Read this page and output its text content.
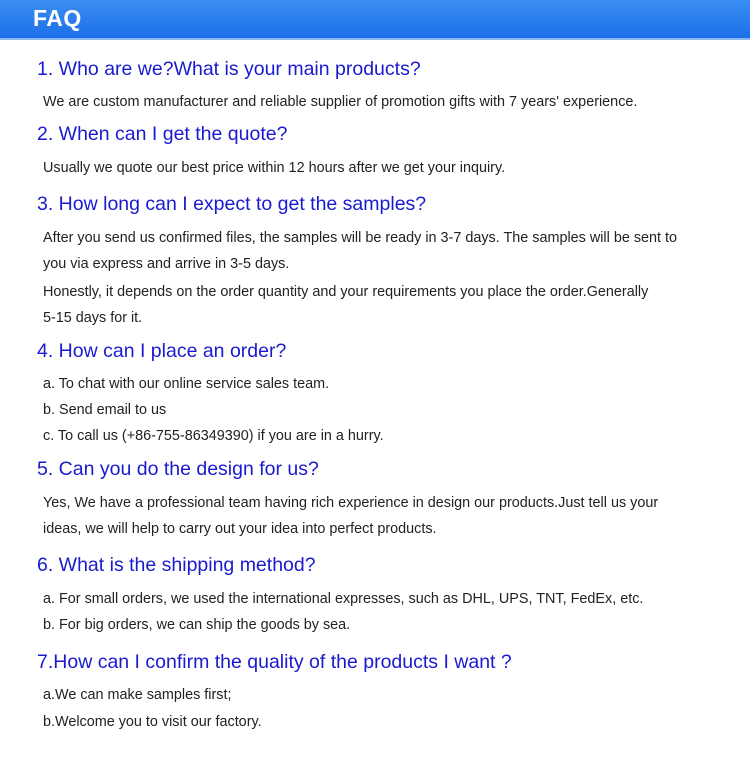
FAQ
1. Who are we?What is your main products?
We are custom manufacturer and reliable supplier of promotion gifts with 7 years' experience.
2. When can I get the quote?
Usually we quote our best price within 12 hours after we get your inquiry.
3. How long can I expect to get the samples?
After you send us confirmed files, the samples will be ready in 3-7 days. The samples will be sent to
you via express and arrive in 3-5 days.
Honestly, it depends on the order quantity and your requirements you place the order.Generally
5-15 days for it.
4. How can I place an order?
a. To chat with our online service sales team.
b. Send email to us
c. To call us (+86-755-86349390) if you are in a hurry.
5. Can you do the design for us?
Yes, We have a professional team having rich experience in design our products.Just tell us your
ideas, we will help to carry out your idea into perfect products.
6. What is the shipping method?
a. For small orders, we used the international expresses, such as DHL, UPS, TNT, FedEx, etc.
b. For big orders, we can ship the goods by sea.
7.How can I confirm the quality of the products I want ?
a.We can make samples first;
b.Welcome you to visit our factory.
